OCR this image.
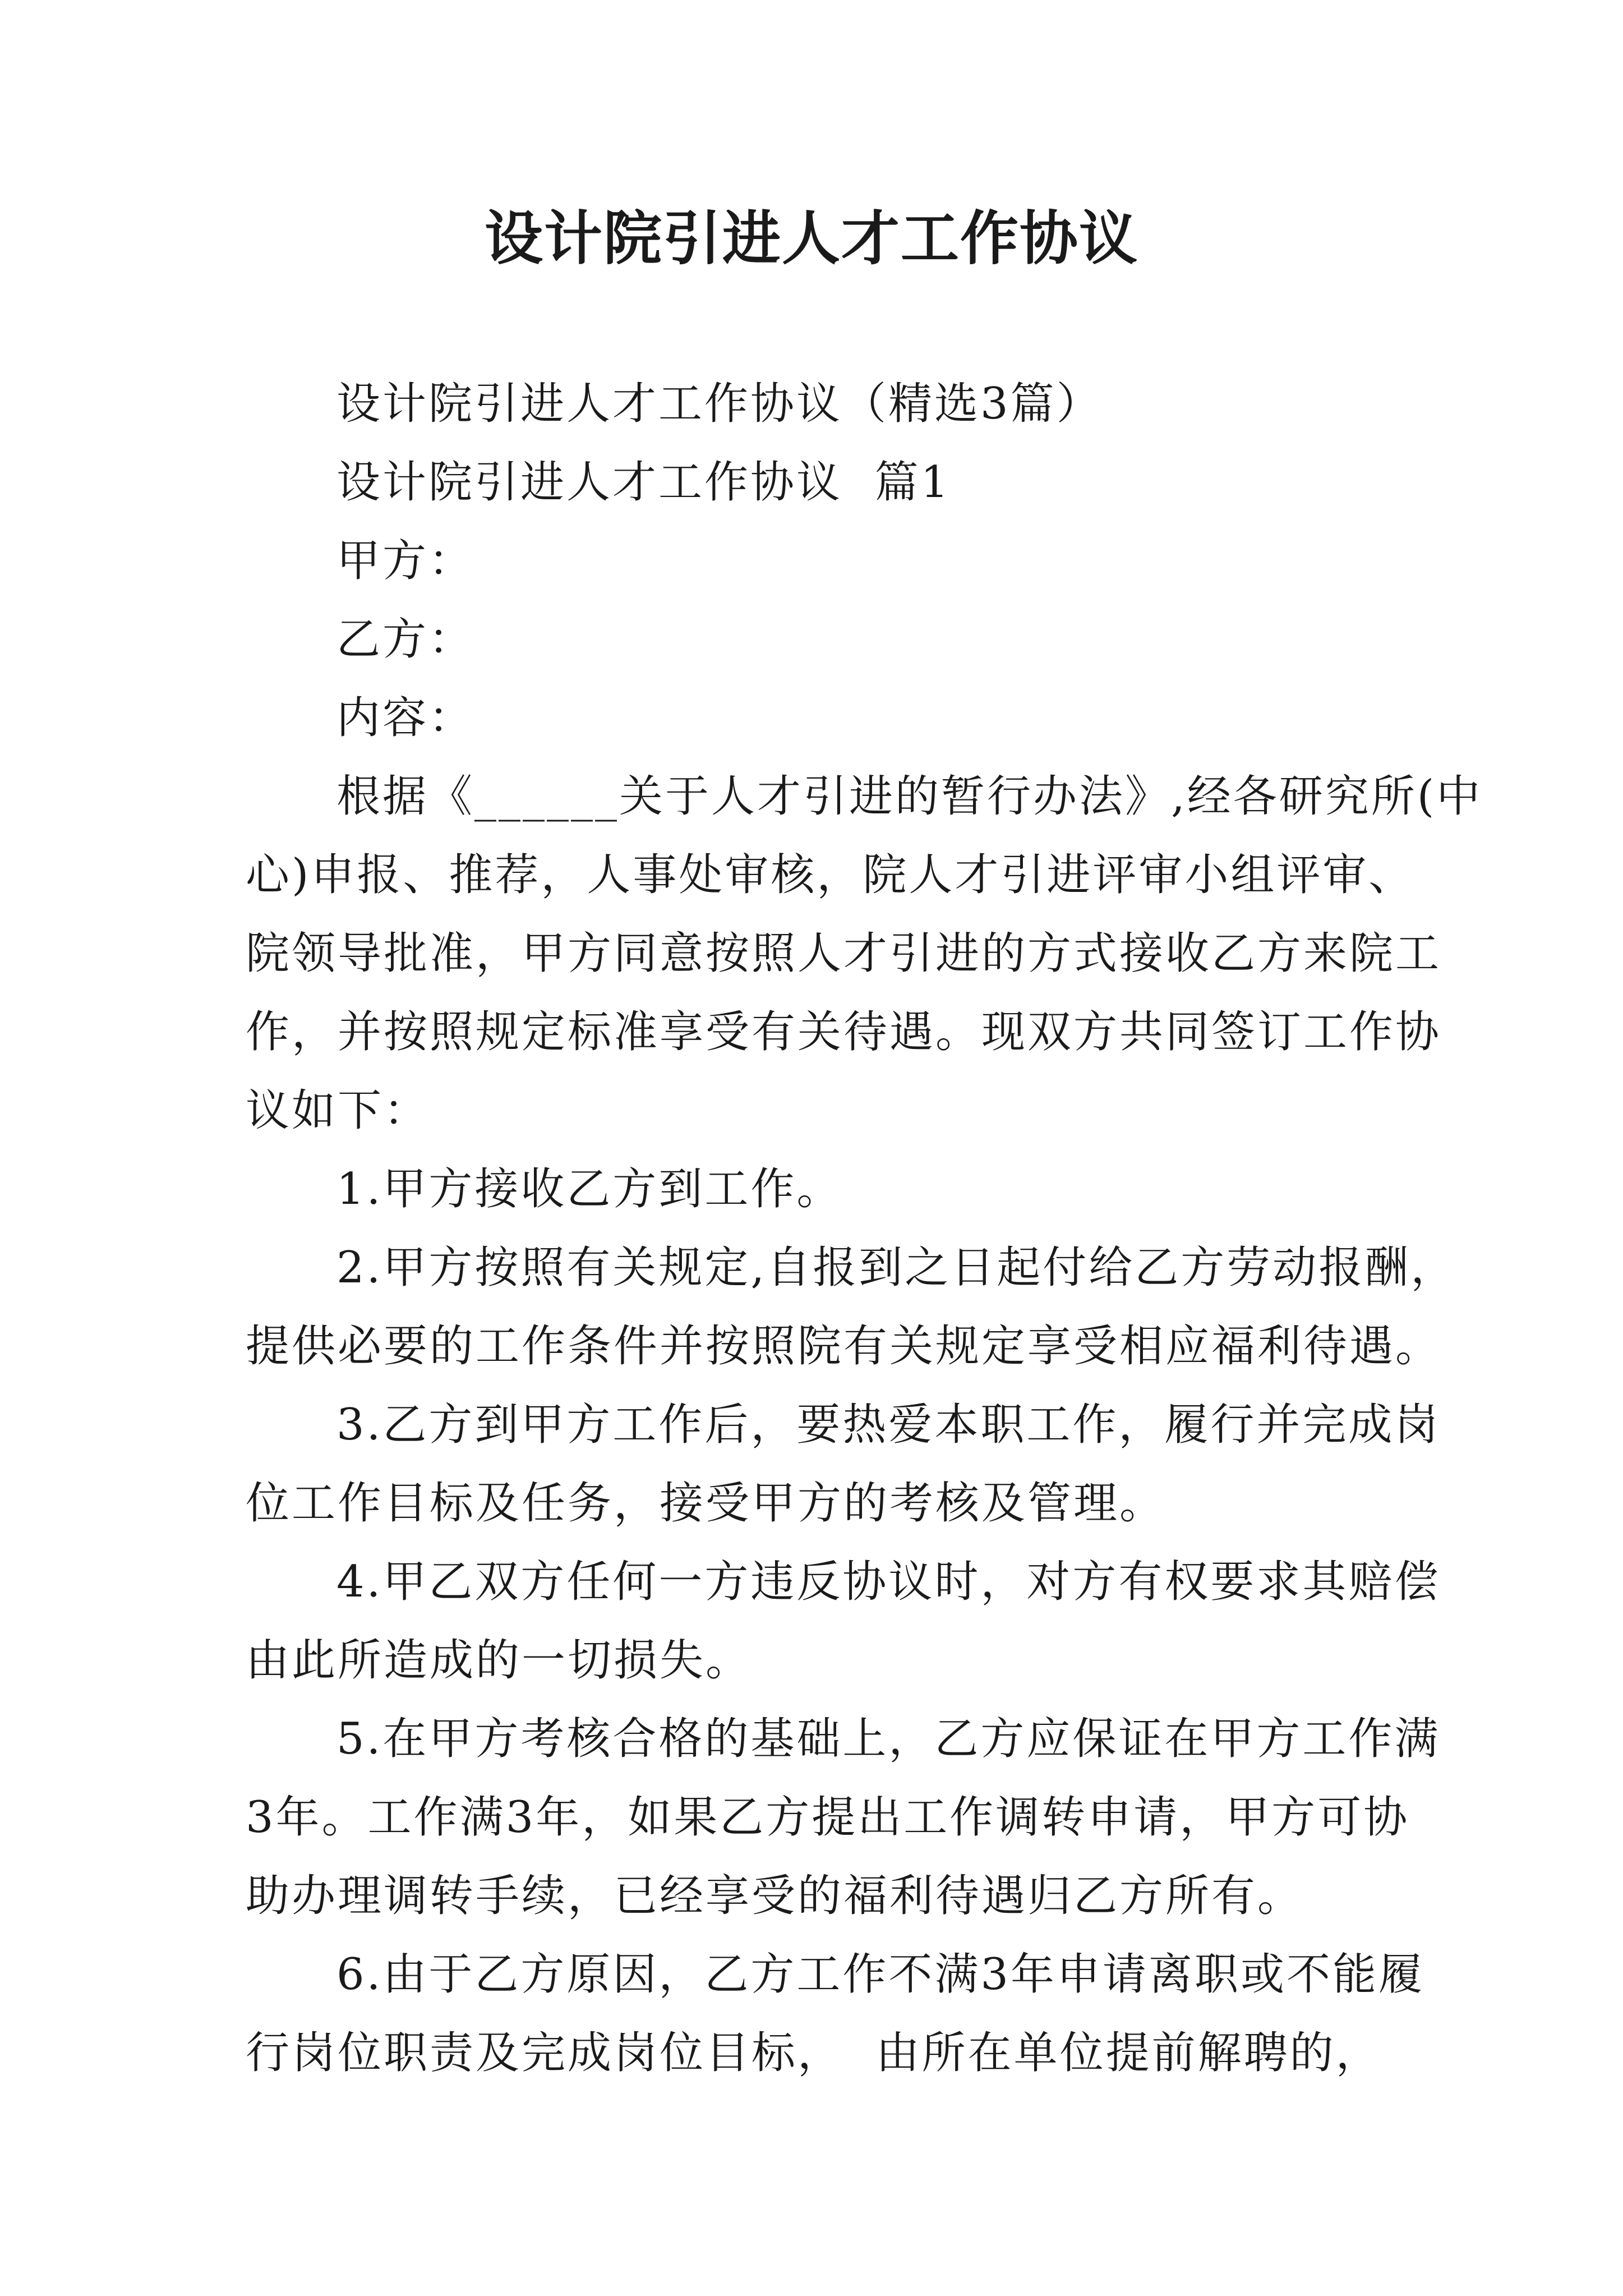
设计院引进人才工作协议
设计院引进人才工作协议（精选3篇）
设计院引进人才工作协议  篇1
甲方：
乙方：
内容：
根据《______关于人才引进的暂行办法》,经各研究所(中
心)申报、推荐，人事处审核，院人才引进评审小组评审、
院领导批准，甲方同意按照人才引进的方式接收乙方来院工
作，并按照规定标准享受有关待遇。现双方共同签订工作协
议如下：
1.甲方接收乙方到工作。
2.甲方按照有关规定,自报到之日起付给乙方劳动报酬，
提供必要的工作条件并按照院有关规定享受相应福利待遇。
3.乙方到甲方工作后，要热爱本职工作，履行并完成岗
位工作目标及任务，接受甲方的考核及管理。
4.甲乙双方任何一方违反协议时，对方有权要求其赔偿
由此所造成的一切损失。
5.在甲方考核合格的基础上，乙方应保证在甲方工作满
3年。工作满3年，如果乙方提出工作调转申请，甲方可协
助办理调转手续，已经享受的福利待遇归乙方所有。
6.由于乙方原因，乙方工作不满3年申请离职或不能履
行岗位职责及完成岗位目标，  由所在单位提前解聘的，
